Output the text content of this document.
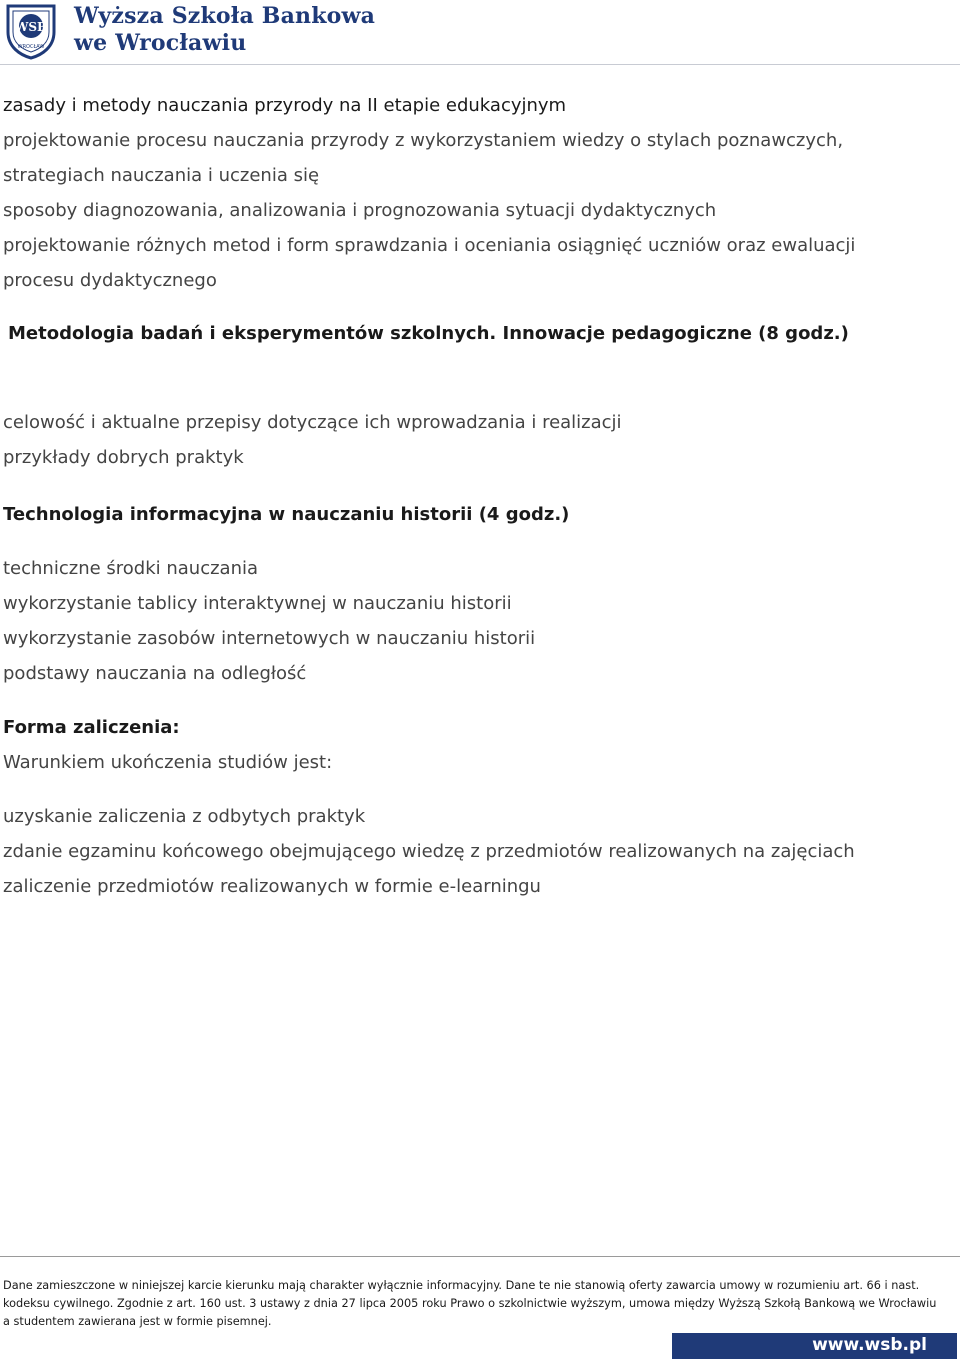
WSB
WROCŁAW
Wyższa Szkoła Bankowa
we Wrocławiu
zasady i metody nauczania przyrody na II etapie edukacyjnym
projektowanie procesu nauczania przyrody z wykorzystaniem wiedzy o stylach poznawczych,
strategiach nauczania i uczenia się
sposoby diagnozowania, analizowania i prognozowania sytuacji dydaktycznych
projektowanie różnych metod i form sprawdzania i oceniania osiągnięć uczniów oraz ewaluacji
procesu dydaktycznego
Metodologia badań i eksperymentów szkolnych. Innowacje pedagogiczne (8 godz.)
celowość i aktualne przepisy dotyczące ich wprowadzania i realizacji
przykłady dobrych praktyk
Technologia informacyjna w nauczaniu historii (4 godz.)
techniczne środki nauczania
wykorzystanie tablicy interaktywnej w nauczaniu historii
wykorzystanie zasobów internetowych w nauczaniu historii
podstawy nauczania na odległość
Forma zaliczenia:
Warunkiem ukończenia studiów jest:
uzyskanie zaliczenia z odbytych praktyk
zdanie egzaminu końcowego obejmującego wiedzę z przedmiotów realizowanych na zajęciach
zaliczenie przedmiotów realizowanych w formie e-learningu
Dane zamieszczone w niniejszej karcie kierunku mają charakter wyłącznie informacyjny. Dane te nie stanowią oferty zawarcia umowy w rozumieniu art. 66 i nast.
kodeksu cywilnego. Zgodnie z art. 160 ust. 3 ustawy z dnia 27 lipca 2005 roku Prawo o szkolnictwie wyższym, umowa między Wyższą Szkołą Bankową we Wrocławiu
a studentem zawierana jest w formie pisemnej.
www.wsb.pl
